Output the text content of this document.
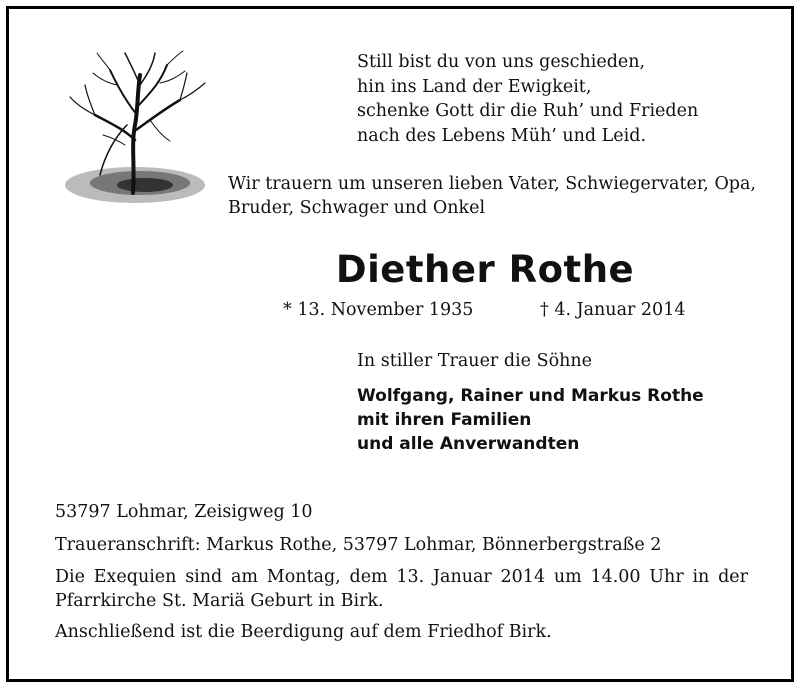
Still bist du von uns geschieden,
hin ins Land der Ewigkeit,
schenke Gott dir die Ruh’ und Frieden
nach des Lebens Müh’ und Leid.
Wir trauern um unseren lieben Vater, Schwiegervater, Opa, Bruder, Schwager und Onkel
Diether Rothe
* 13. November 1935	† 4. Januar 2014
In stiller Trauer die Söhne
Wolfgang, Rainer und Markus Rothe
mit ihren Familien
und alle Anverwandten
53797 Lohmar, Zeisigweg 10
Traueranschrift: Markus Rothe, 53797 Lohmar, Bönnerbergstraße 2
Die Exequien sind am Montag, dem 13. Januar 2014 um 14.00 Uhr in der Pfarrkirche St. Mariä Geburt in Birk.
Anschließend ist die Beerdigung auf dem Friedhof Birk.
